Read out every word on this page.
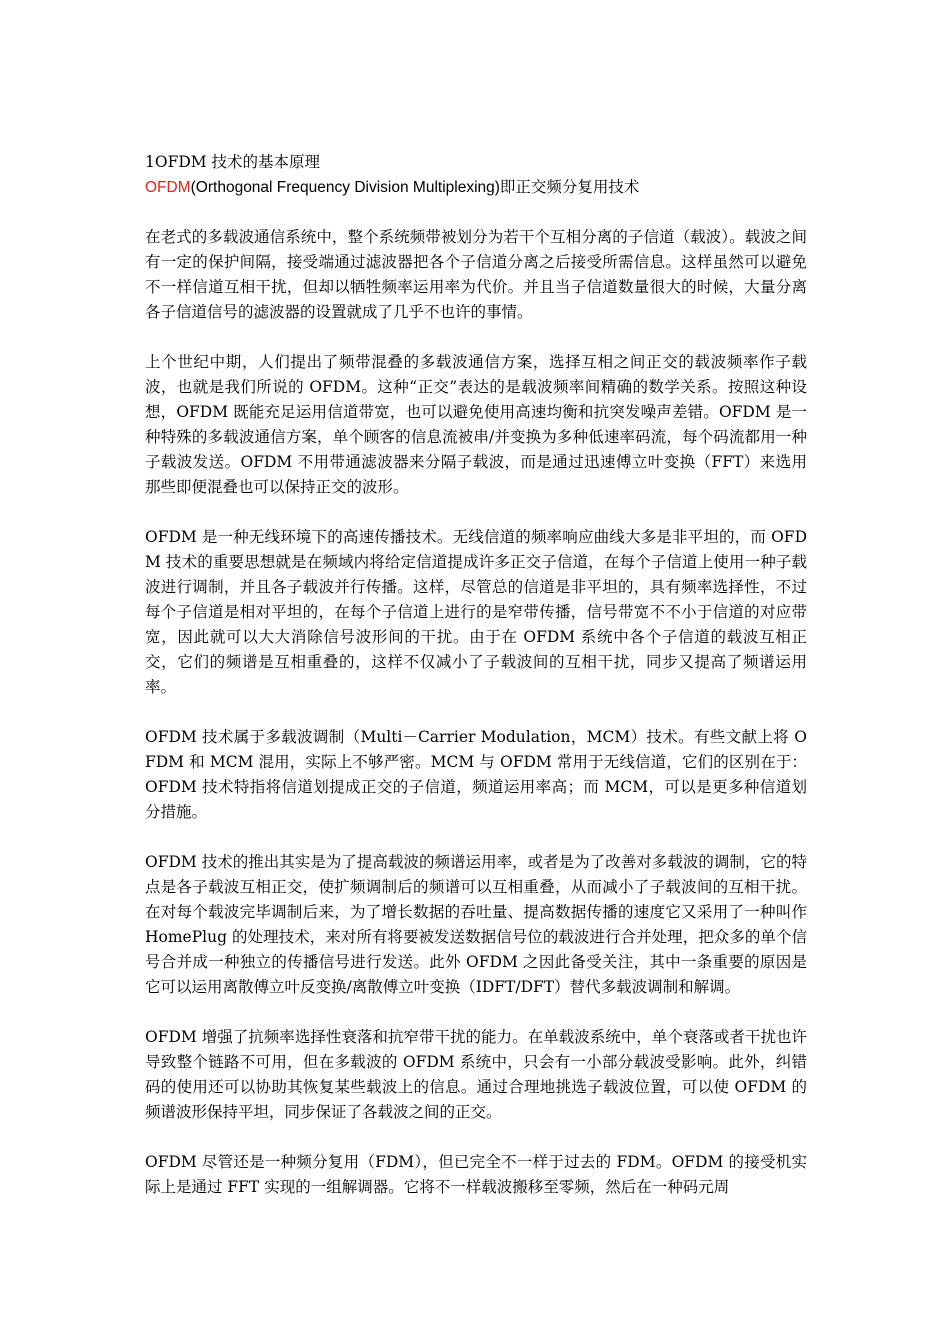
1OFDM 技术的基本原理

OFDM(Orthogonal Frequency Division Multiplexing)即正交频分复用技术

在老式的多载波通信系统中，整个系统频带被划分为若干个互相分离的子信道（载波）。载波之间有一定的保护间隔，接受端通过滤波器把各个子信道分离之后接受所需信息。这样虽然可以避免不一样信道互相干扰，但却以牺牲频率运用率为代价。并且当子信道数量很大的时候，大量分离各子信道信号的滤波器的设置就成了几乎不也许的事情。

上个世纪中期，人们提出了频带混叠的多载波通信方案，选择互相之间正交的载波频率作子载波，也就是我们所说的 OFDM。这种“正交”表达的是载波频率间精确的数学关系。按照这种设想，OFDM 既能充足运用信道带宽，也可以避免使用高速均衡和抗突发噪声差错。OFDM 是一种特殊的多载波通信方案，单个顾客的信息流被串/并变换为多种低速率码流，每个码流都用一种子载波发送。OFDM 不用带通滤波器来分隔子载波，而是通过迅速傅立叶变换（FFT）来选用那些即便混叠也可以保持正交的波形。

OFDM 是一种无线环境下的高速传播技术。无线信道的频率响应曲线大多是非平坦的，而 OFDM 技术的重要思想就是在频域内将给定信道提成许多正交子信道，在每个子信道上使用一种子载波进行调制，并且各子载波并行传播。这样，尽管总的信道是非平坦的，具有频率选择性，不过每个子信道是相对平坦的，在每个子信道上进行的是窄带传播，信号带宽不不小于信道的对应带宽，因此就可以大大消除信号波形间的干扰。由于在 OFDM 系统中各个子信道的载波互相正交，它们的频谱是互相重叠的，这样不仅减小了子载波间的互相干扰，同步又提高了频谱运用率。

OFDM 技术属于多载波调制（Multi－Carrier Modulation，MCM）技术。有些文献上将 OFDM 和 MCM 混用，实际上不够严密。MCM 与 OFDM 常用于无线信道，它们的区别在于：OFDM 技术特指将信道划提成正交的子信道，频道运用率高；而 MCM，可以是更多种信道划分措施。

OFDM 技术的推出其实是为了提高载波的频谱运用率，或者是为了改善对多载波的调制，它的特点是各子载波互相正交，使扩频调制后的频谱可以互相重叠，从而减小了子载波间的互相干扰。在对每个载波完毕调制后来，为了增长数据的吞吐量、提高数据传播的速度它又采用了一种叫作 HomePlug 的处理技术，来对所有将要被发送数据信号位的载波进行合并处理，把众多的单个信号合并成一种独立的传播信号进行发送。此外 OFDM 之因此备受关注，其中一条重要的原因是它可以运用离散傅立叶反变换/离散傅立叶变换（IDFT/DFT）替代多载波调制和解调。

OFDM 增强了抗频率选择性衰落和抗窄带干扰的能力。在单载波系统中，单个衰落或者干扰也许导致整个链路不可用，但在多载波的 OFDM 系统中，只会有一小部分载波受影响。此外，纠错码的使用还可以协助其恢复某些载波上的信息。通过合理地挑选子载波位置，可以使 OFDM 的频谱波形保持平坦，同步保证了各载波之间的正交。

OFDM 尽管还是一种频分复用（FDM），但已完全不一样于过去的 FDM。OFDM 的接受机实际上是通过 FFT 实现的一组解调器。它将不一样载波搬移至零频，然后在一种码元周
